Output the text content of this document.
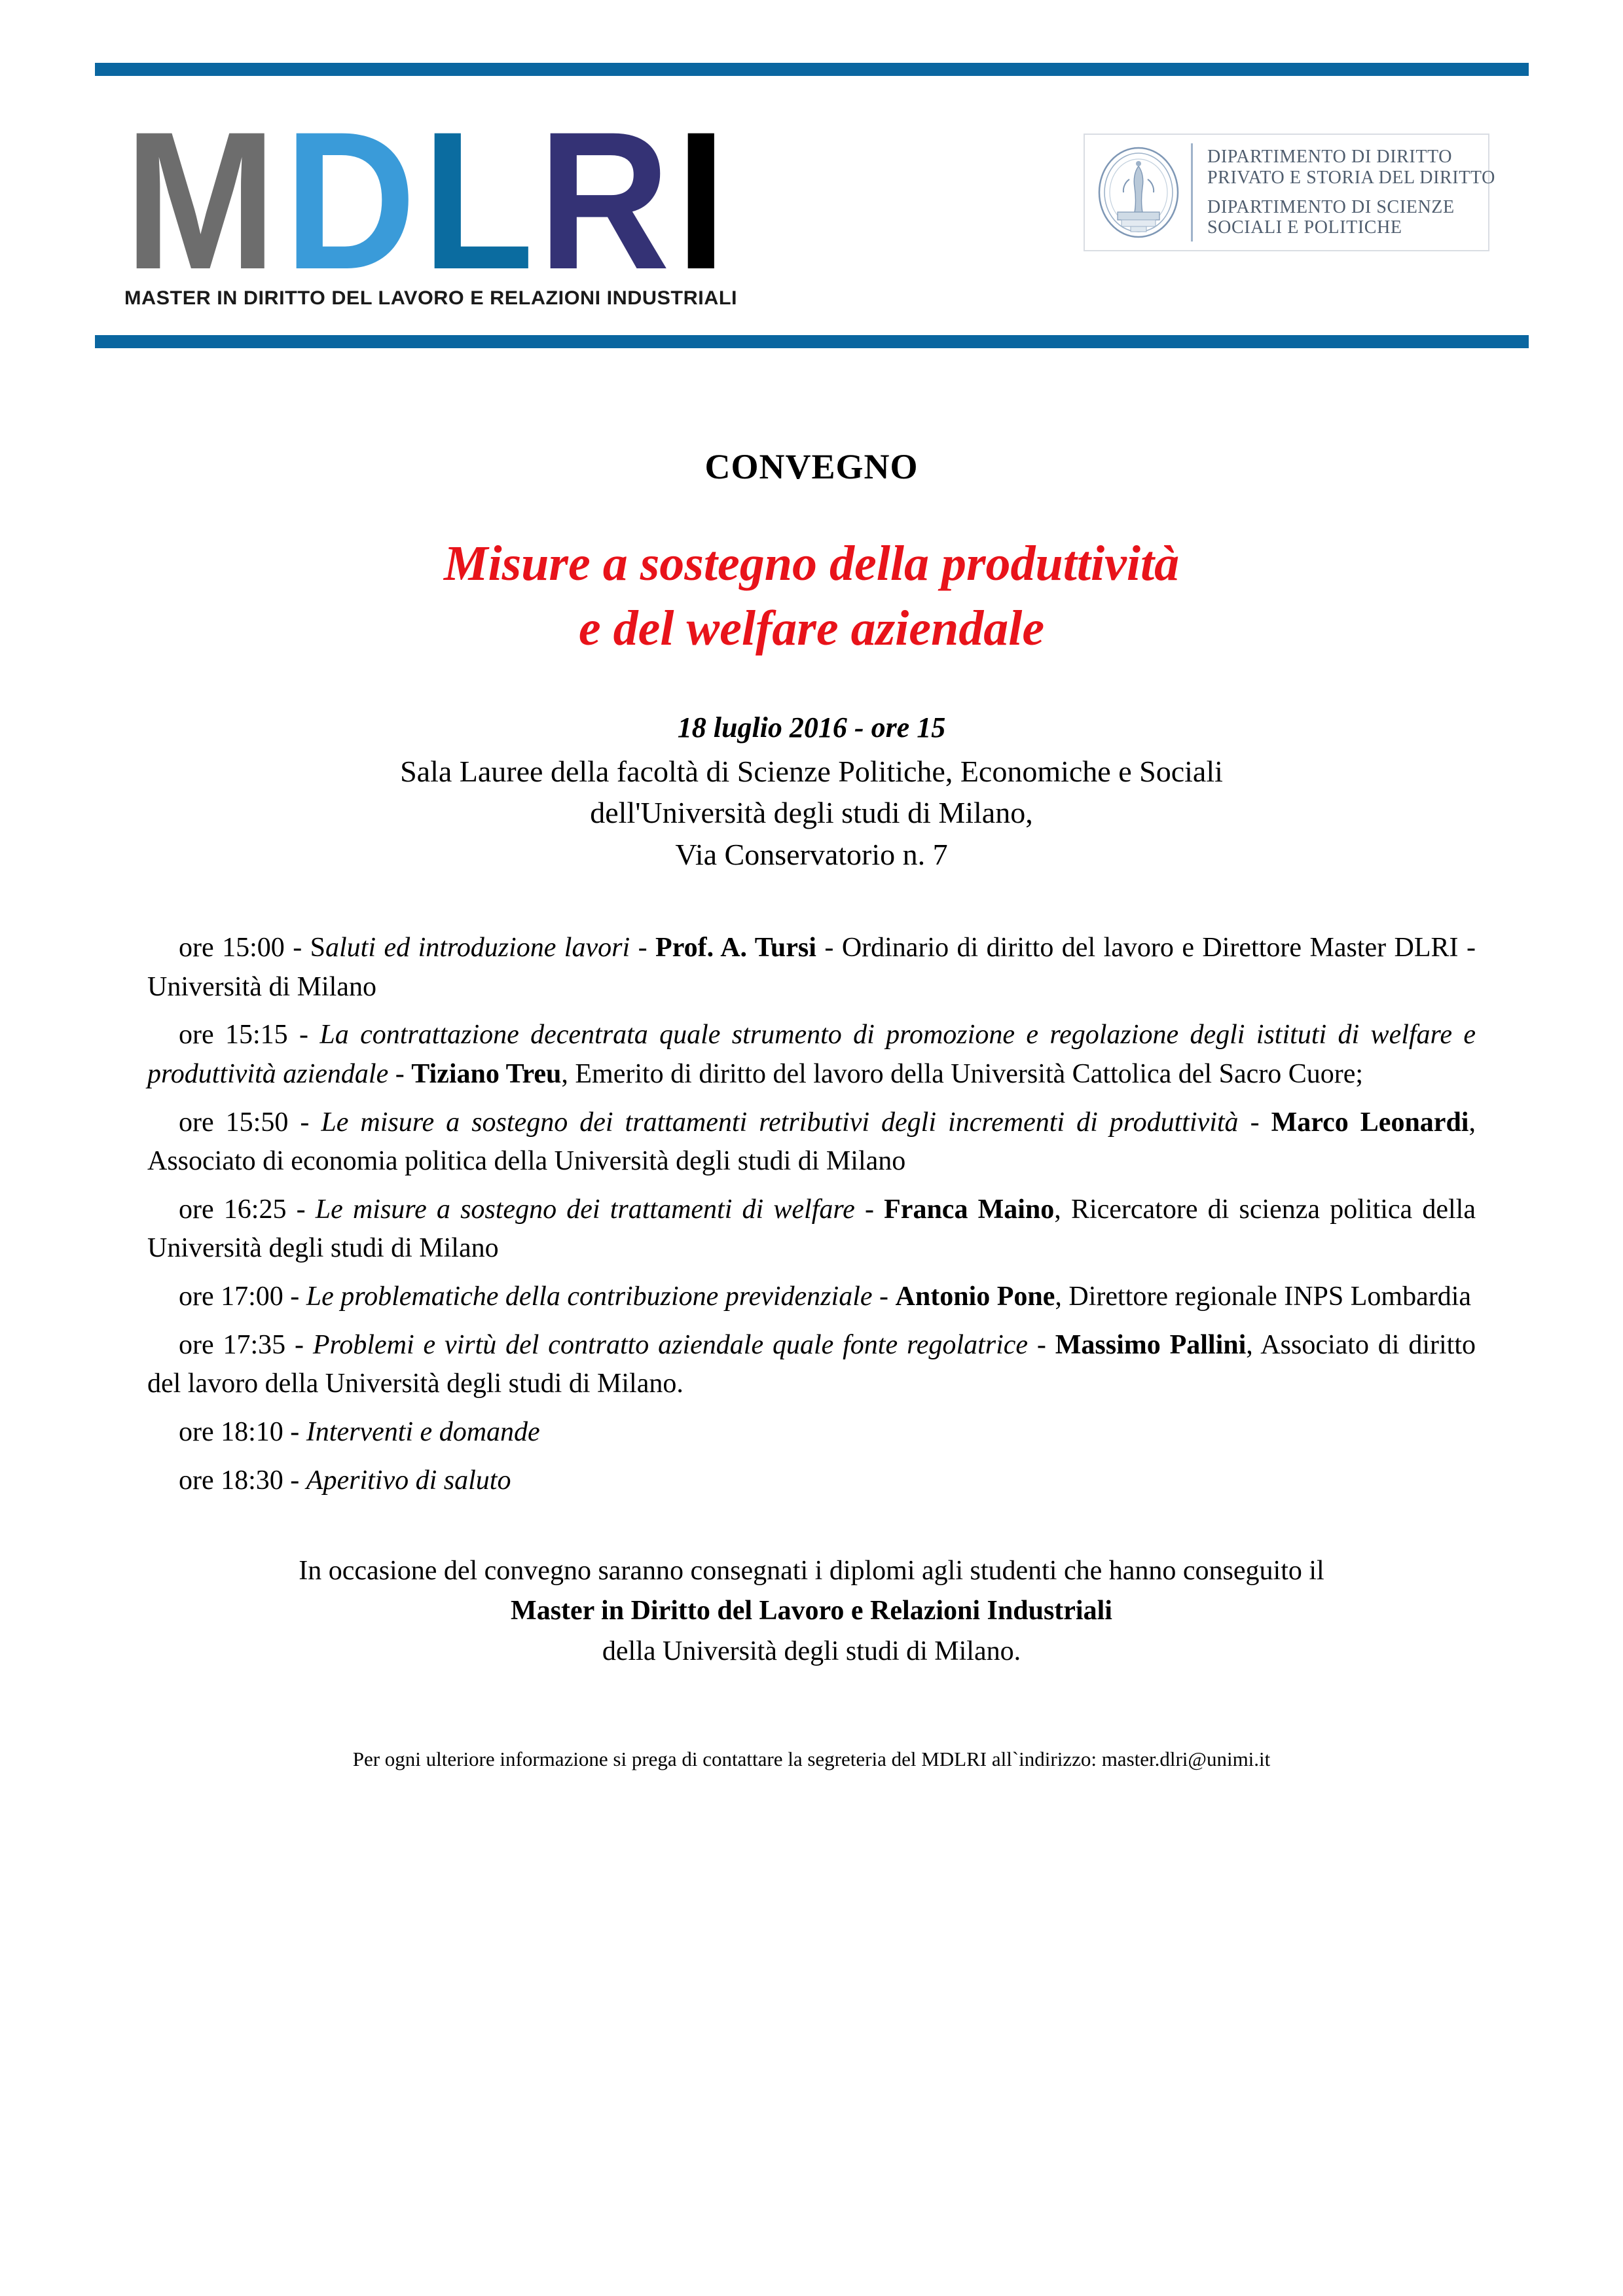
M D L R I
MASTER IN DIRITTO DEL LAVORO E RELAZIONI INDUSTRIALI
DIPARTIMENTO DI DIRITTO
PRIVATO E STORIA DEL DIRITTO
DIPARTIMENTO DI SCIENZE
SOCIALI E POLITICHE
CONVEGNO
Misure a sostegno della produttività
e del welfare aziendale
18 luglio 2016 - ore 15
Sala Lauree della facoltà di Scienze Politiche, Economiche e Sociali
dell'Università degli studi di Milano,
Via Conservatorio n. 7

ore 15:00 - Saluti ed introduzione lavori - Prof. A. Tursi - Ordinario di diritto del lavoro e Direttore Master DLRI - Università di Milano

ore 15:15 - La contrattazione decentrata quale strumento di promozione e regolazione degli istituti di welfare e produttività aziendale - Tiziano Treu, Emerito di diritto del lavoro della Università Cattolica del Sacro Cuore;

ore 15:50 - Le misure a sostegno dei trattamenti retributivi degli incrementi di produttività - Marco Leonardi, Associato di economia politica della Università degli studi di Milano

ore 16:25 - Le misure a sostegno dei trattamenti di welfare - Franca Maino, Ricercatore di scienza politica della Università degli studi di Milano

ore 17:00 - Le problematiche della contribuzione previdenziale - Antonio Pone, Direttore regionale INPS Lombardia

ore 17:35 - Problemi e virtù del contratto aziendale quale fonte regolatrice - Massimo Pallini, Associato di diritto del lavoro della Università degli studi di Milano.

ore 18:10 - Interventi e domande

ore 18:30 - Aperitivo di saluto

In occasione del convegno saranno consegnati i diplomi agli studenti che hanno conseguito il
Master in Diritto del Lavoro e Relazioni Industriali
della Università degli studi di Milano.
Per ogni ulteriore informazione si prega di contattare la segreteria del MDLRI all`indirizzo: master.dlri@unimi.it
